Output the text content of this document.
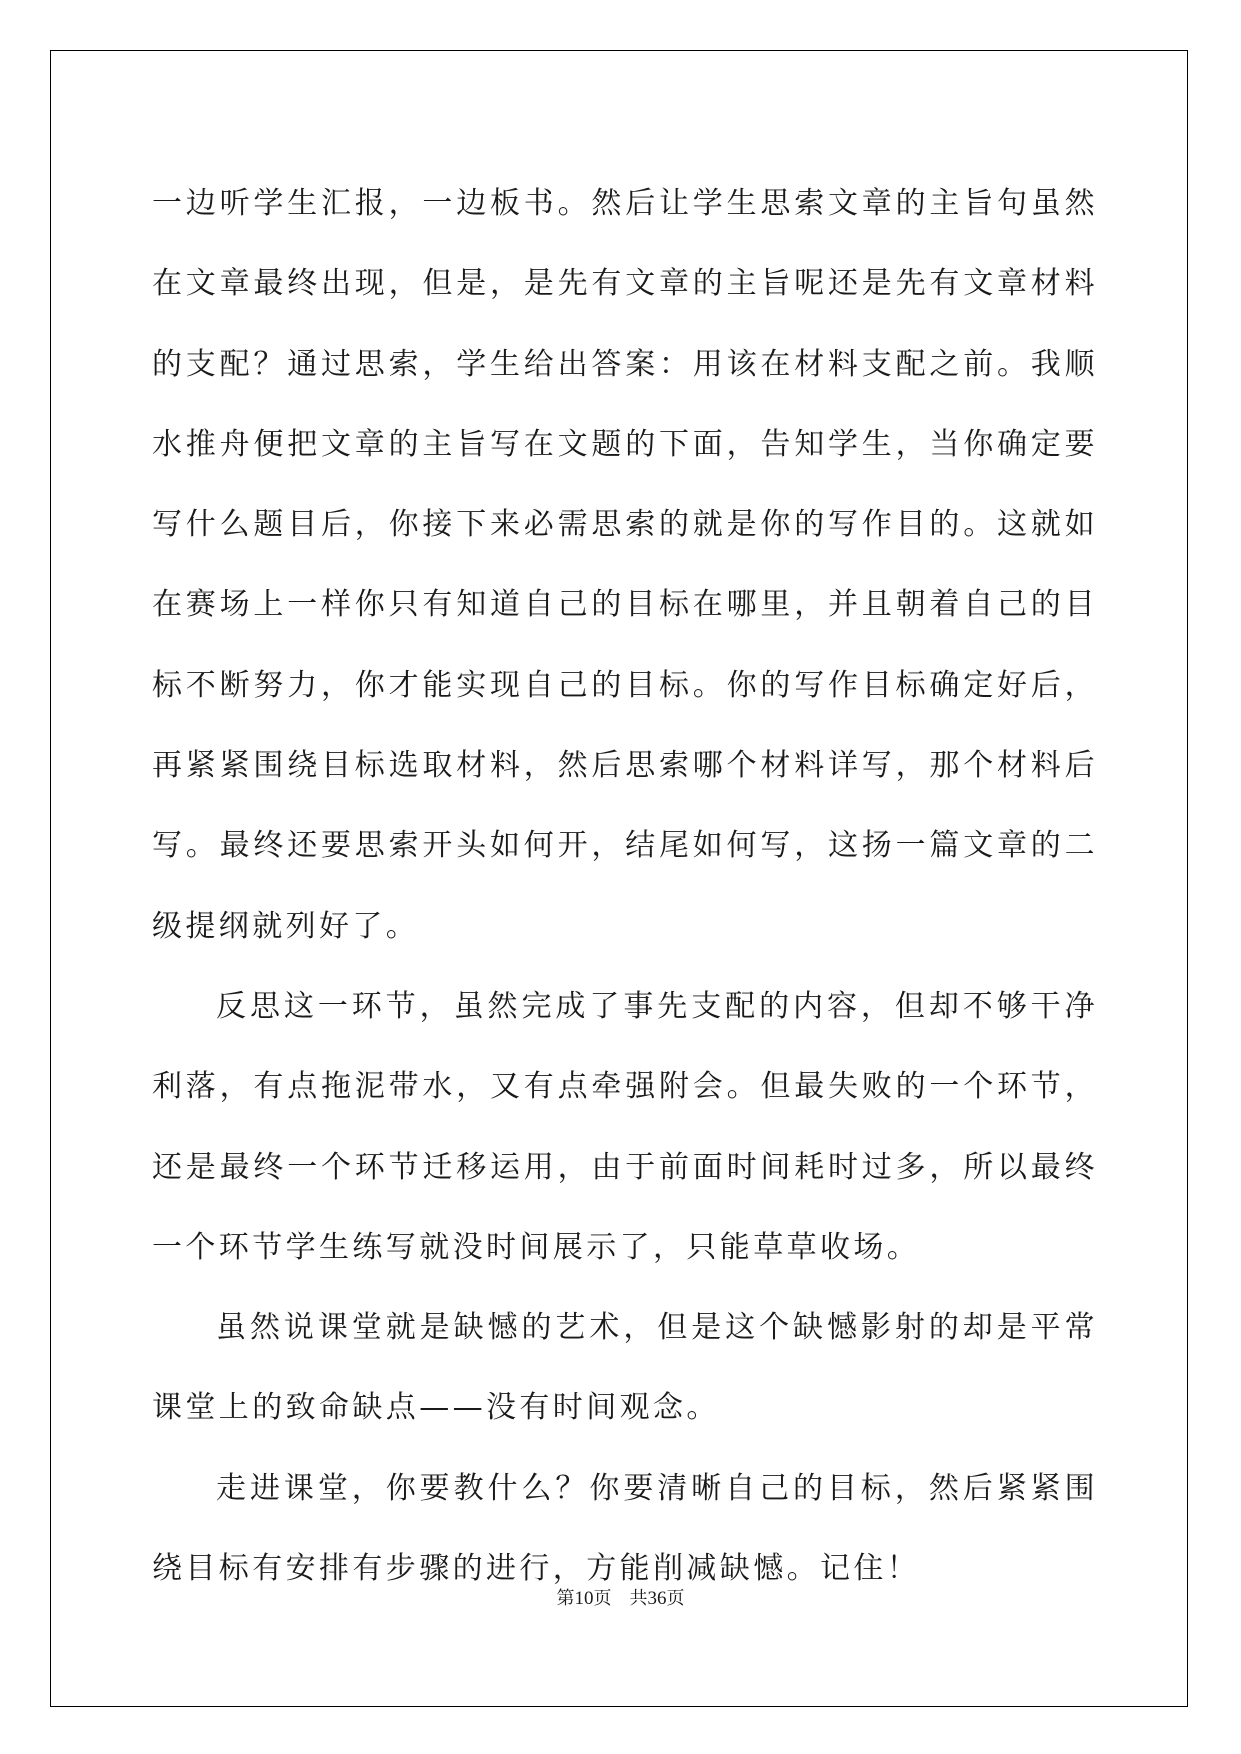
一边听学生汇报，一边板书。然后让学生思索文章的主旨句虽然在文章最终出现，但是，是先有文章的主旨呢还是先有文章材料的支配？通过思索，学生给出答案：用该在材料支配之前。我顺水推舟便把文章的主旨写在文题的下面，告知学生，当你确定要写什么题目后，你接下来必需思索的就是你的写作目的。这就如在赛场上一样你只有知道自己的目标在哪里，并且朝着自己的目标不断努力，你才能实现自己的目标。你的写作目标确定好后，再紧紧围绕目标选取材料，然后思索哪个材料详写，那个材料后写。最终还要思索开头如何开，结尾如何写，这扬一篇文章的二级提纲就列好了。

反思这一环节，虽然完成了事先支配的内容，但却不够干净利落，有点拖泥带水，又有点牵强附会。但最失败的一个环节，还是最终一个环节迁移运用，由于前面时间耗时过多，所以最终一个环节学生练写就没时间展示了，只能草草收场。

虽然说课堂就是缺憾的艺术，但是这个缺憾影射的却是平常课堂上的致命缺点——没有时间观念。

走进课堂，你要教什么？你要清晰自己的目标，然后紧紧围绕目标有安排有步骤的进行，方能削减缺憾。记住！

第10页 共36页
